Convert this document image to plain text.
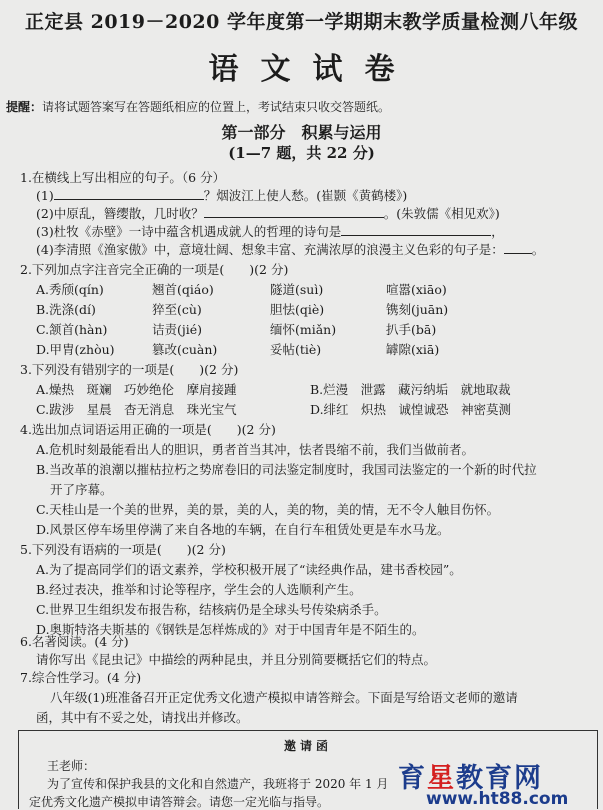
正定县 2019－2020 学年度第一学期期末教学质量检测八年级
语文试卷
提醒：请将试题答案写在答题纸相应的位置上，考试结束只收交答题纸。
第一部分　积累与运用
(1—7 题，共 22 分)
1.在横线上写出相应的句子。（6 分）
(1)	？烟波江上使人愁。(崔颢《黄鹤楼》)
(2)中原乱，簪缨散，几时收？	。(朱敦儒《相见欢》)
(3)杜牧《赤壁》一诗中蕴含机遇成就人的哲理的诗句是	，
(4)李清照《渔家傲》中，意境壮阔、想象丰富、充满浓厚的浪漫主义色彩的句子是： 。
2.下列加点字注音完全正确的一项是(　　)(2 分)
A.秀颀(qín)	翘首(qiáo)	隧道(suì)	喧嚣(xiāo)
B.洗涤(dí)	猝至(cù)	胆怯(qiè)	镌刻(juān)
C.颔首(hàn)	诘责(jié)	缅怀(miǎn)	扒手(bā)
D.甲胄(zhòu)	篡改(cuàn)	妥帖(tiè)	罅隙(xiā)
3.下列没有错别字的一项是(　　)(2 分)
A.燥热　斑斓　巧妙绝伦　摩肩接踵	B.烂漫　泄露　藏污纳垢　就地取裁
C.跋涉　星晨　杳无消息　珠光宝气	D.绯红　炽热　诚惶诚恐　神密莫测
4.选出加点词语运用正确的一项是(　　)(2 分)
A.危机时刻最能看出人的胆识，勇者首当其冲，怯者畏缩不前，我们当做前者。
B.当改革的浪潮以摧枯拉朽之势席卷旧的司法鉴定制度时，我国司法鉴定的一个新的时代拉
开了序幕。
C.天桂山是一个美的世界，美的景，美的人，美的物，美的情，无不令人触目伤怀。
D.风景区停车场里停满了来自各地的车辆，在自行车租赁处更是车水马龙。
5.下列没有语病的一项是(　　)(2 分)
A.为了提高同学们的语文素养，学校积极开展了“读经典作品，建书香校园”。
B.经过表决，推举和讨论等程序，学生会的人选顺利产生。
C.世界卫生组织发布报告称，结核病仍是全球头号传染病杀手。
D.奥斯特洛夫斯基的《钢铁是怎样炼成的》对于中国青年是不陌生的。
6.名著阅读。(4 分)
请你写出《昆虫记》中描绘的两种昆虫，并且分别简要概括它们的特点。
7.综合性学习。(4 分)
八年级(1)班准备召开正定优秀文化遗产模拟申请答辩会。下面是写给语文老师的邀请
函，其中有不妥之处，请找出并修改。
邀请函
王老师：
为了宣传和保护我县的文化和自然遗产，我班将于 2020 年 1 月
定优秀文化遗产模拟申请答辩会。请您一定光临与指导。
育星教育网
www.ht88.com
